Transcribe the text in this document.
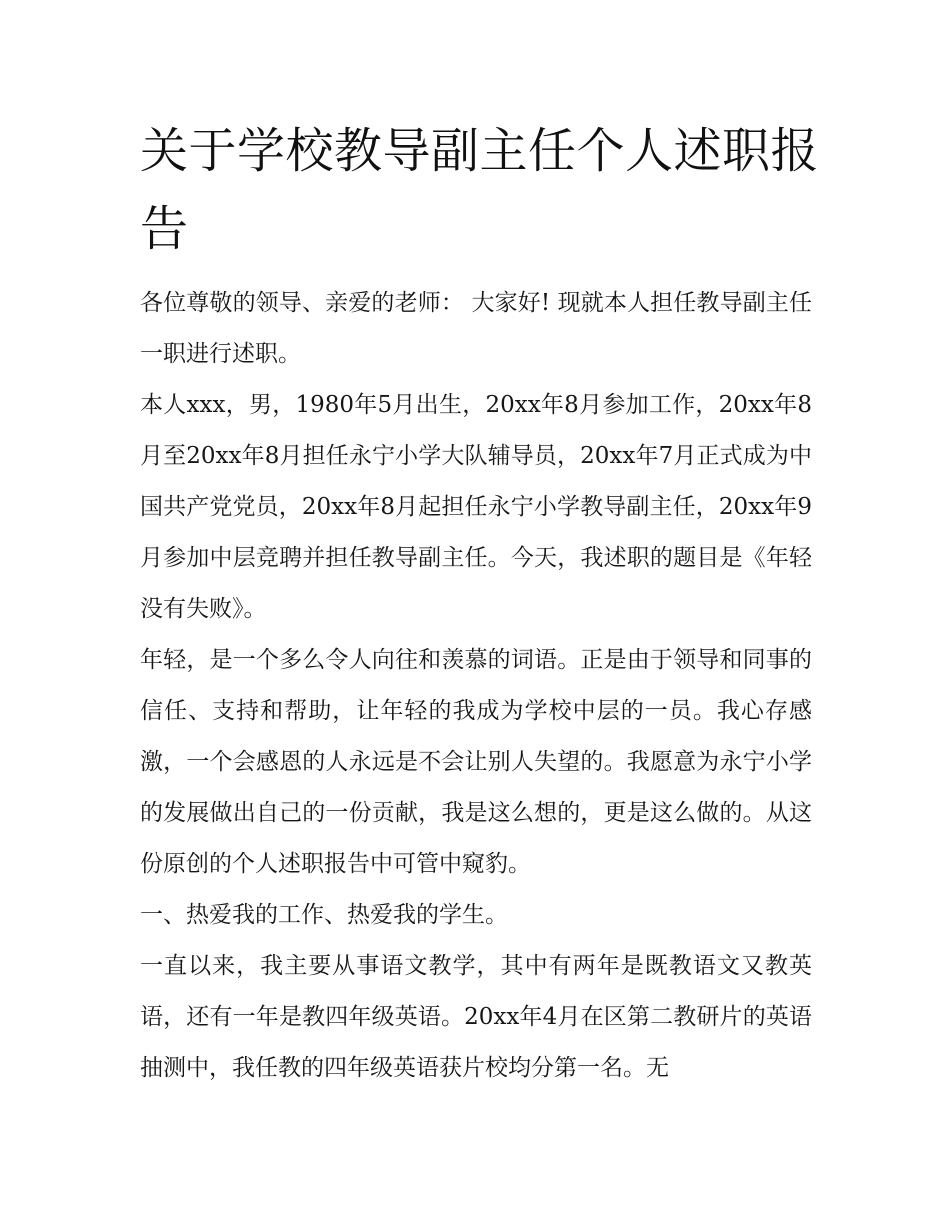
关于学校教导副主任个人述职报告

各位尊敬的领导、亲爱的老师： 大家好! 现就本人担任教导副主任一职进行述职。

本人xxx，男，1980年5月出生，20xx年8月参加工作，20xx年8月至20xx年8月担任永宁小学大队辅导员，20xx年7月正式成为中国共产党党员，20xx年8月起担任永宁小学教导副主任，20xx年9月参加中层竞聘并担任教导副主任。今天，我述职的题目是《年轻没有失败》。

年轻，是一个多么令人向往和羡慕的词语。正是由于领导和同事的信任、支持和帮助，让年轻的我成为学校中层的一员。我心存感激，一个会感恩的人永远是不会让别人失望的。我愿意为永宁小学的发展做出自己的一份贡献，我是这么想的，更是这么做的。从这份原创的个人述职报告中可管中窥豹。

一、热爱我的工作、热爱我的学生。

一直以来，我主要从事语文教学，其中有两年是既教语文又教英语，还有一年是教四年级英语。20xx年4月在区第二教研片的英语抽测中，我任教的四年级英语获片校均分第一名。无
